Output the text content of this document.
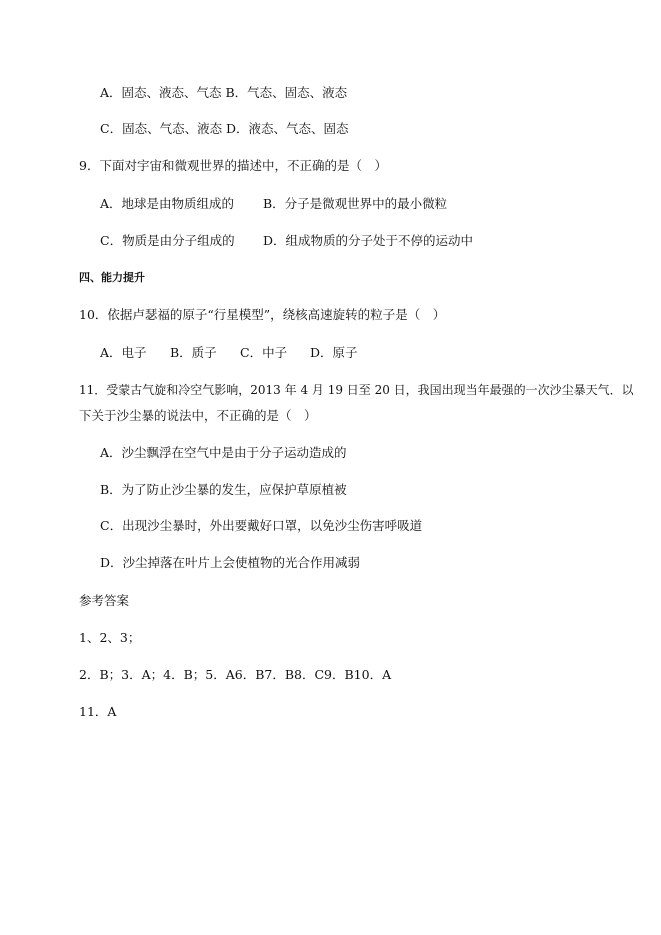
A．固态、液态、气态 B．气态、固态、液态
C．固态、气态、液态 D．液态、气态、固态
9．下面对宇宙和微观世界的描述中，不正确的是（　）
A．地球是由物质组成的 B．分子是微观世界中的最小微粒
C．物质是由分子组成的 D．组成物质的分子处于不停的运动中
四、能力提升
10．依据卢瑟福的原子“行星模型”，绕核高速旋转的粒子是（　）
A．电子 B．质子 C．中子 D．原子
11．受蒙古气旋和冷空气影响，2013 年 4 月 19 日至 20 日，我国出现当年最强的一次沙尘暴天气．以
下关于沙尘暴的说法中，不正确的是（　）
A．沙尘飘浮在空气中是由于分子运动造成的
B．为了防止沙尘暴的发生，应保护草原植被
C．出现沙尘暴时，外出要戴好口罩，以免沙尘伤害呼吸道
D．沙尘掉落在叶片上会使植物的光合作用减弱
参考答案
1、2、3；
2．B；3．A；4．B；5．A6．B7．B8．C9．B10．A
11．A
